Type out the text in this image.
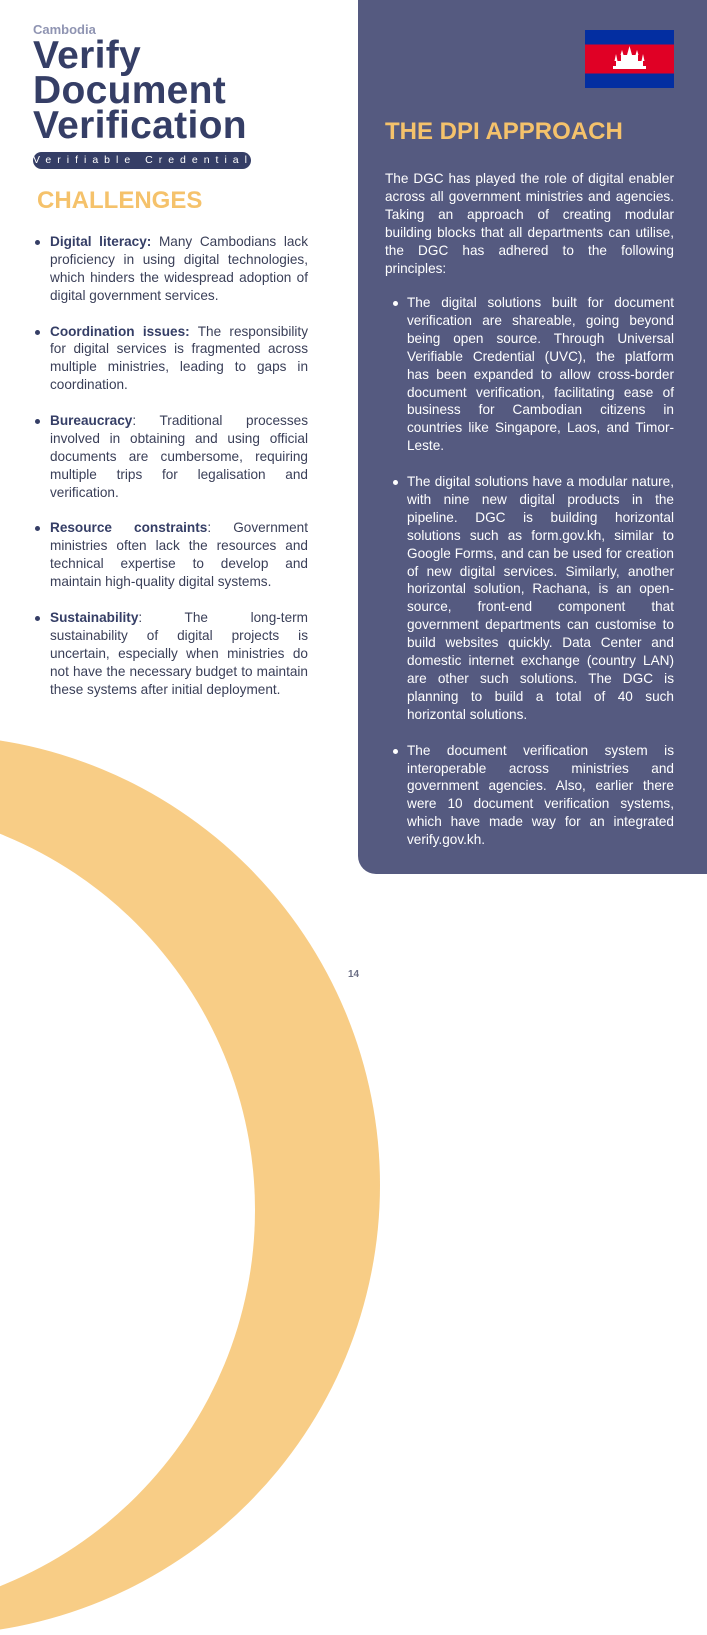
Cambodia
Verify
Document
Verification
Verifiable Credentials
CHALLENGES
Digital literacy: Many Cambodians lack proficiency in using digital technologies, which hinders the widespread adoption of digital government services.
Coordination issues: The responsibility for digital services is fragmented across multiple ministries, leading to gaps in coordination.
Bureaucracy: Traditional processes involved in obtaining and using official documents are cumbersome, requiring multiple trips for legalisation and verification.
Resource constraints: Government ministries often lack the resources and technical expertise to develop and maintain high-quality digital systems.
Sustainability: The long-term sustainability of digital projects is uncertain, especially when ministries do not have the necessary budget to maintain these systems after initial deployment.
THE DPI APPROACH

The DGC has played the role of digital enabler across all government ministries and agencies. Taking an approach of creating modular building blocks that all departments can utilise, the DGC has adhered to the following principles:

The digital solutions built for document verification are shareable, going beyond being open source. Through Universal Verifiable Credential (UVC), the platform has been expanded to allow cross-border document verification, facilitating ease of business for Cambodian citizens in countries like Singapore, Laos, and Timor-Leste.
The digital solutions have a modular nature, with nine new digital products in the pipeline. DGC is building horizontal solutions such as form.gov.kh, similar to Google Forms, and can be used for creation of new digital services. Similarly, another horizontal solution, Rachana, is an open-source, front-end component that government departments can customise to build websites quickly. Data Center and domestic internet exchange (country LAN) are other such solutions. The DGC is planning to build a total of 40 such horizontal solutions.
The document verification system is interoperable across ministries and government agencies. Also, earlier there were 10 document verification systems, which have made way for an integrated verify.gov.kh.
14
